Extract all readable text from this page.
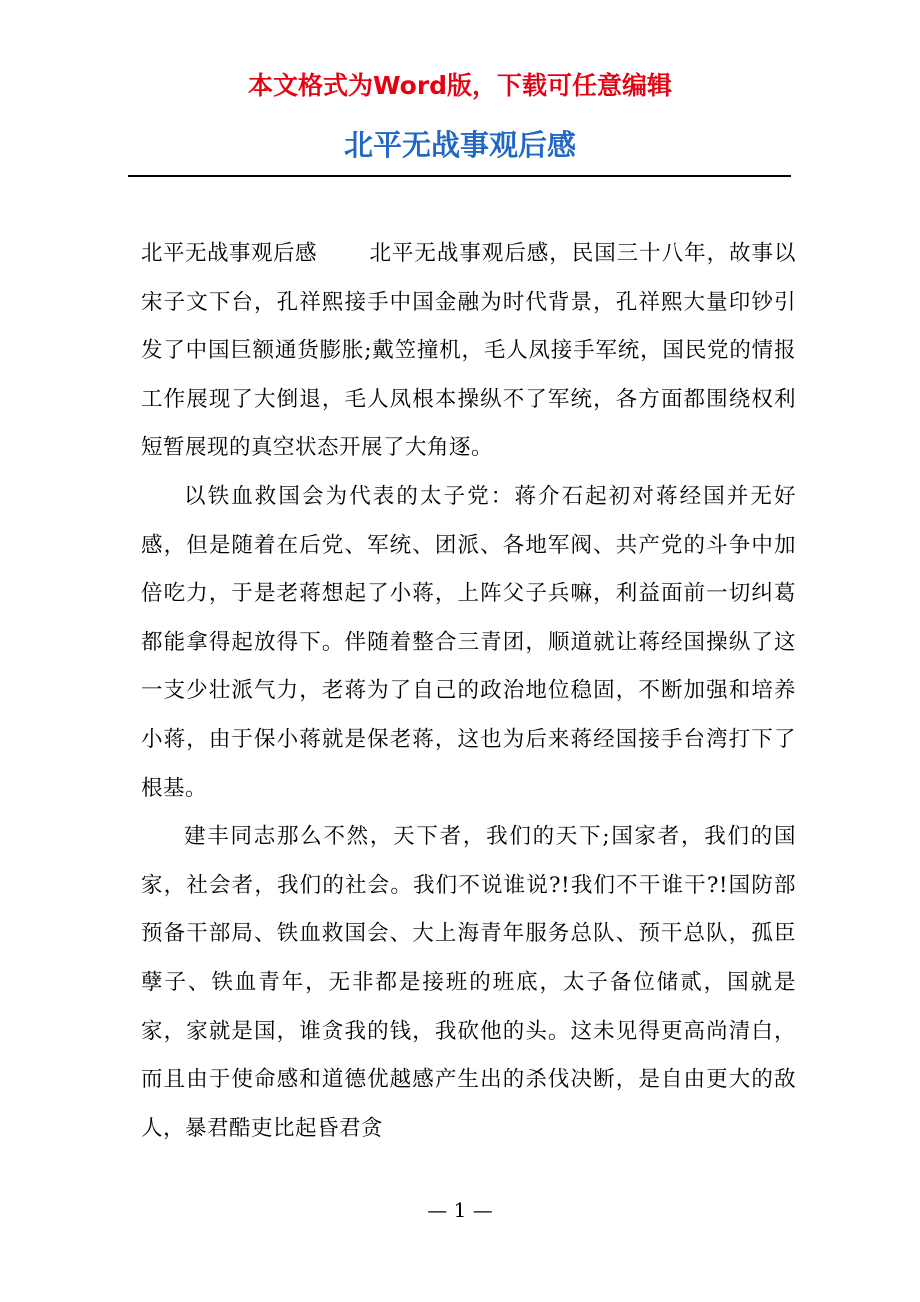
本文格式为Word版，下载可任意编辑
北平无战事观后感

北平无战事观后感 北平无战事观后感，民国三十八年，故事以宋子文下台，孔祥熙接手中国金融为时代背景，孔祥熙大量印钞引发了中国巨额通货膨胀;戴笠撞机，毛人凤接手军统，国民党的情报工作展现了大倒退，毛人凤根本操纵不了军统，各方面都围绕权利短暂展现的真空状态开展了大角逐。

以铁血救国会为代表的太子党：蒋介石起初对蒋经国并无好感，但是随着在后党、军统、团派、各地军阀、共产党的斗争中加倍吃力，于是老蒋想起了小蒋，上阵父子兵嘛，利益面前一切纠葛都能拿得起放得下。伴随着整合三青团，顺道就让蒋经国操纵了这一支少壮派气力，老蒋为了自己的政治地位稳固，不断加强和培养小蒋，由于保小蒋就是保老蒋，这也为后来蒋经国接手台湾打下了根基。

建丰同志那么不然，天下者，我们的天下;国家者，我们的国家，社会者，我们的社会。我们不说谁说?!我们不干谁干?!国防部预备干部局、铁血救国会、大上海青年服务总队、预干总队，孤臣孽子、铁血青年，无非都是接班的班底，太子备位储贰，国就是家，家就是国，谁贪我的钱，我砍他的头。这未见得更高尚清白，而且由于使命感和道德优越感产生出的杀伐决断，是自由更大的敌人，暴君酷吏比起昏君贪

— 1 —
